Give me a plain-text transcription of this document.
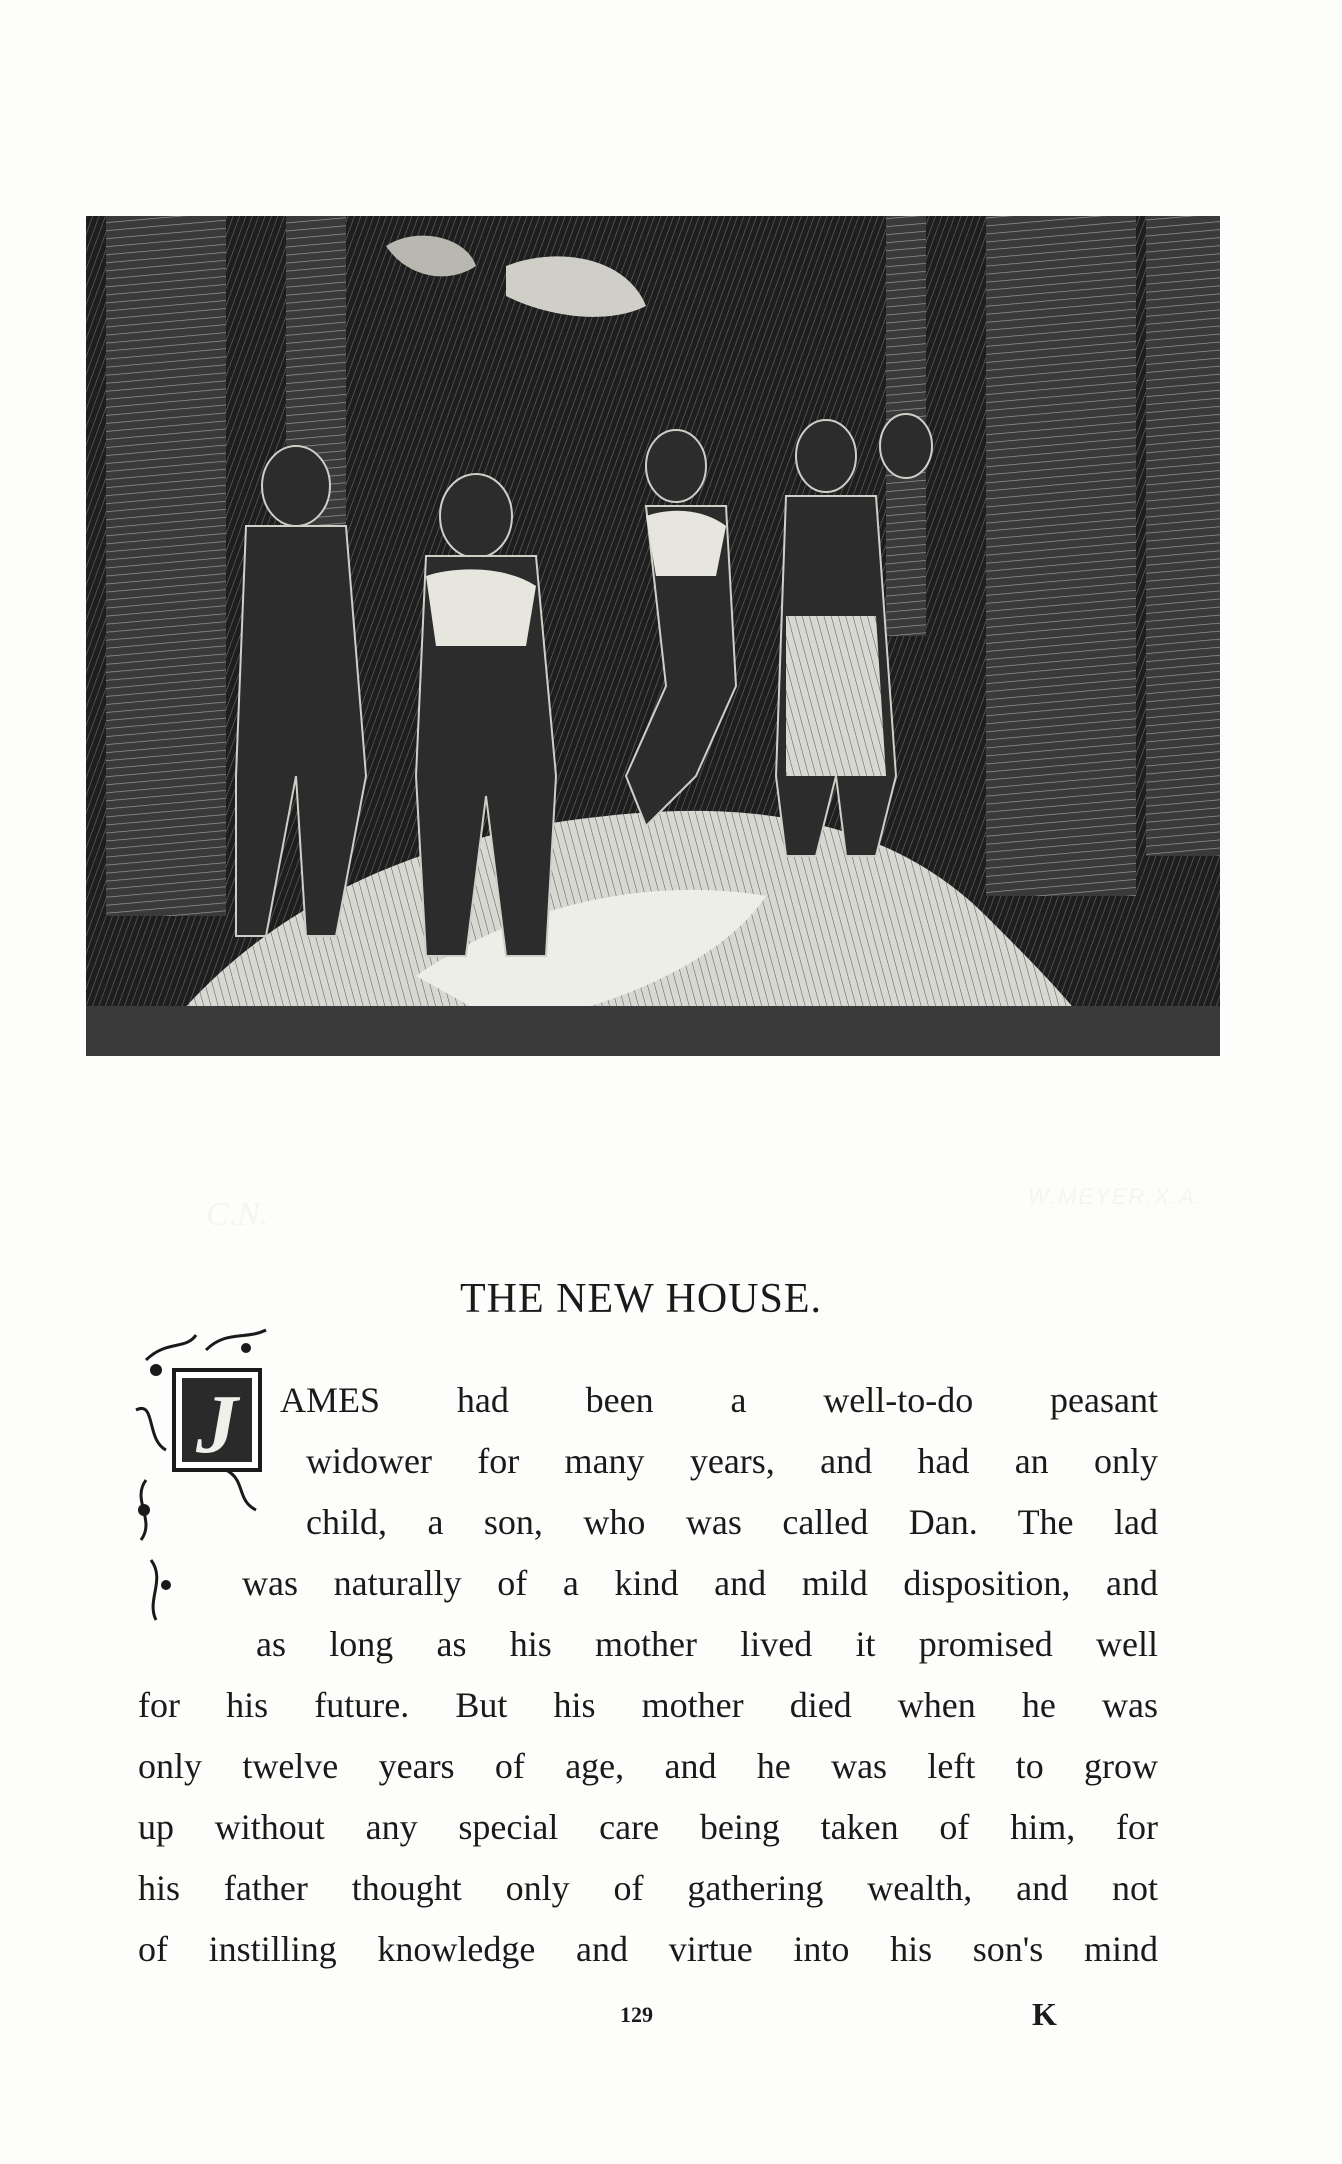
C.N.	W.MEYER.X.A.
THE NEW HOUSE.
J AMES had been a well-to-do peasant
widower for many years, and had an only
child, a son, who was called Dan. The lad
was naturally of a kind and mild disposition, and
as long as his mother lived it promised well
for his future. But his mother died when he was
only twelve years of age, and he was left to grow
up without any special care being taken of him, for
his father thought only of gathering wealth, and not
of instilling knowledge and virtue into his son's mind
129	K
